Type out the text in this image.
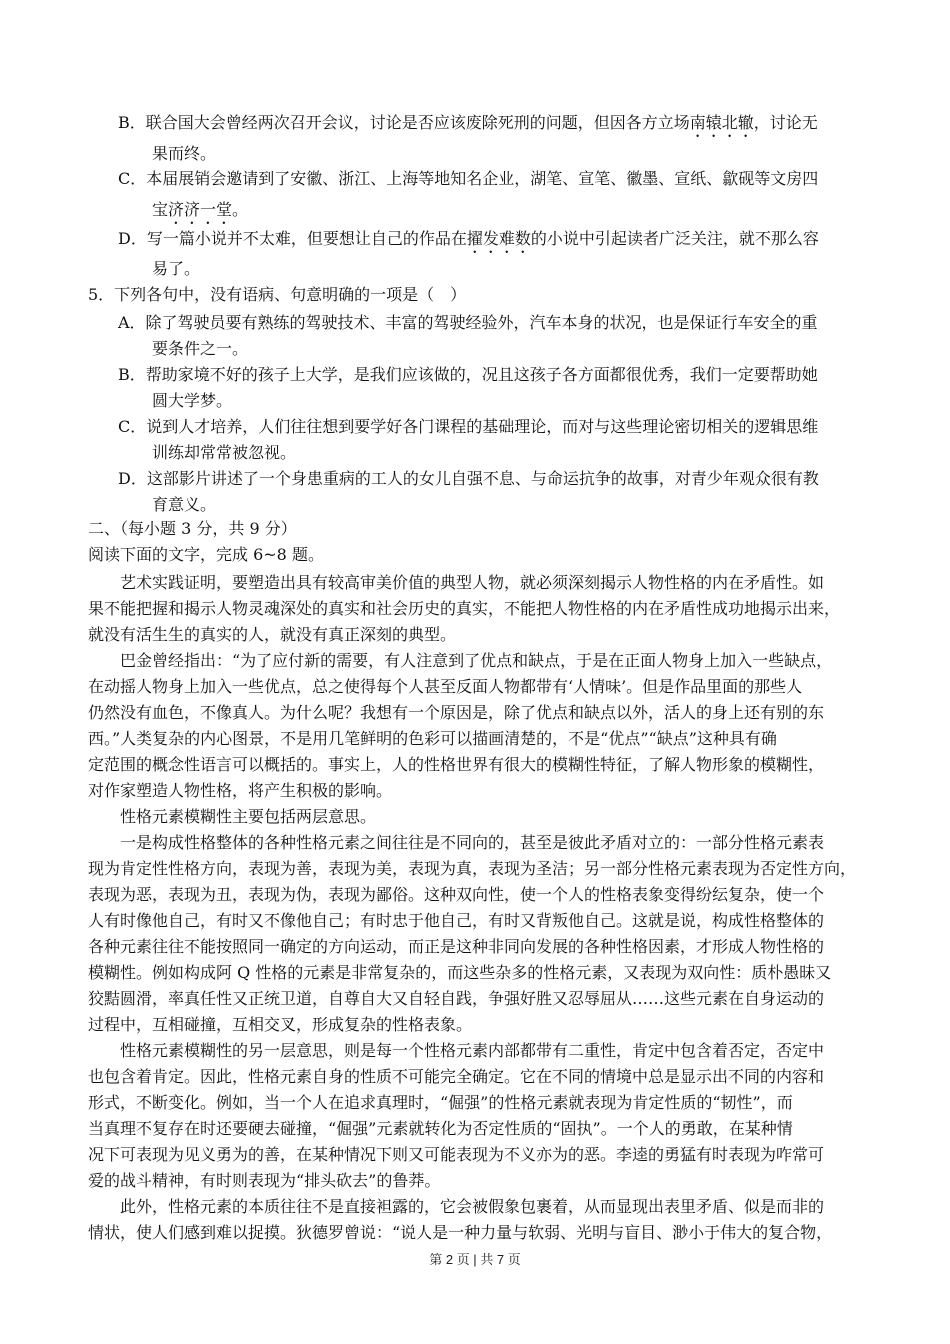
B．联合国大会曾经两次召开会议，讨论是否应该废除死刑的问题，但因各方立场南辕北辙，讨论无
果而终。
C．本届展销会邀请到了安徽、浙江、上海等地知名企业，湖笔、宣笔、徽墨、宣纸、歙砚等文房四
宝济济一堂。
D．写一篇小说并不太难，但要想让自己的作品在擢发难数的小说中引起读者广泛关注，就不那么容
易了。
5．下列各句中，没有语病、句意明确的一项是（　）
A．除了驾驶员要有熟练的驾驶技术、丰富的驾驶经验外，汽车本身的状况，也是保证行车安全的重
要条件之一。
B．帮助家境不好的孩子上大学，是我们应该做的，况且这孩子各方面都很优秀，我们一定要帮助她
圆大学梦。
C．说到人才培养，人们往往想到要学好各门课程的基础理论，而对与这些理论密切相关的逻辑思维
训练却常常被忽视。
D．这部影片讲述了一个身患重病的工人的女儿自强不息、与命运抗争的故事，对青少年观众很有教
育意义。
二、（每小题 3 分，共 9 分）
阅读下面的文字，完成 6~8 题。
艺术实践证明，要塑造出具有较高审美价值的典型人物，就必须深刻揭示人物性格的内在矛盾性。如
果不能把握和揭示人物灵魂深处的真实和社会历史的真实，不能把人物性格的内在矛盾性成功地揭示出来，
就没有活生生的真实的人，就没有真正深刻的典型。
巴金曾经指出：“为了应付新的需要，有人注意到了优点和缺点，于是在正面人物身上加入一些缺点，
在动摇人物身上加入一些优点，总之使得每个人甚至反面人物都带有‘人情味’。但是作品里面的那些人
仍然没有血色，不像真人。为什么呢？我想有一个原因是，除了优点和缺点以外，活人的身上还有别的东
西。”人类复杂的内心图景，不是用几笔鲜明的色彩可以描画清楚的，不是“优点”“缺点”这种具有确
定范围的概念性语言可以概括的。事实上，人的性格世界有很大的模糊性特征，了解人物形象的模糊性，
对作家塑造人物性格，将产生积极的影响。
性格元素模糊性主要包括两层意思。
一是构成性格整体的各种性格元素之间往往是不同向的，甚至是彼此矛盾对立的：一部分性格元素表
现为肯定性性格方向，表现为善，表现为美，表现为真，表现为圣洁；另一部分性格元素表现为否定性方向，
表现为恶，表现为丑，表现为伪，表现为鄙俗。这种双向性，使一个人的性格表象变得纷纭复杂，使一个
人有时像他自己，有时又不像他自己；有时忠于他自己，有时又背叛他自己。这就是说，构成性格整体的
各种元素往往不能按照同一确定的方向运动，而正是这种非同向发展的各种性格因素，才形成人物性格的
模糊性。例如构成阿 Q 性格的元素是非常复杂的，而这些杂多的性格元素，又表现为双向性：质朴愚昧又
狡黠圆滑，率真任性又正统卫道，自尊自大又自轻自践，争强好胜又忍辱屈从……这些元素在自身运动的
过程中，互相碰撞，互相交叉，形成复杂的性格表象。
性格元素模糊性的另一层意思，则是每一个性格元素内部都带有二重性，肯定中包含着否定，否定中
也包含着肯定。因此，性格元素自身的性质不可能完全确定。它在不同的情境中总是显示出不同的内容和
形式，不断变化。例如，当一个人在追求真理时，“倔强”的性格元素就表现为肯定性质的“韧性”，而
当真理不复存在时还要硬去碰撞，“倔强”元素就转化为否定性质的“固执”。一个人的勇敢，在某种情
况下可表现为见义勇为的善，在某种情况下则又可能表现为不义亦为的恶。李逵的勇猛有时表现为咋常可
爱的战斗精神，有时则表现为“排头砍去”的鲁莽。
此外，性格元素的本质往往不是直接袒露的，它会被假象包裹着，从而显现出表里矛盾、似是而非的
情状，使人们感到难以捉摸。狄德罗曾说：“说人是一种力量与软弱、光明与盲目、渺小于伟大的复合物，
第 2 页 | 共 7 页
